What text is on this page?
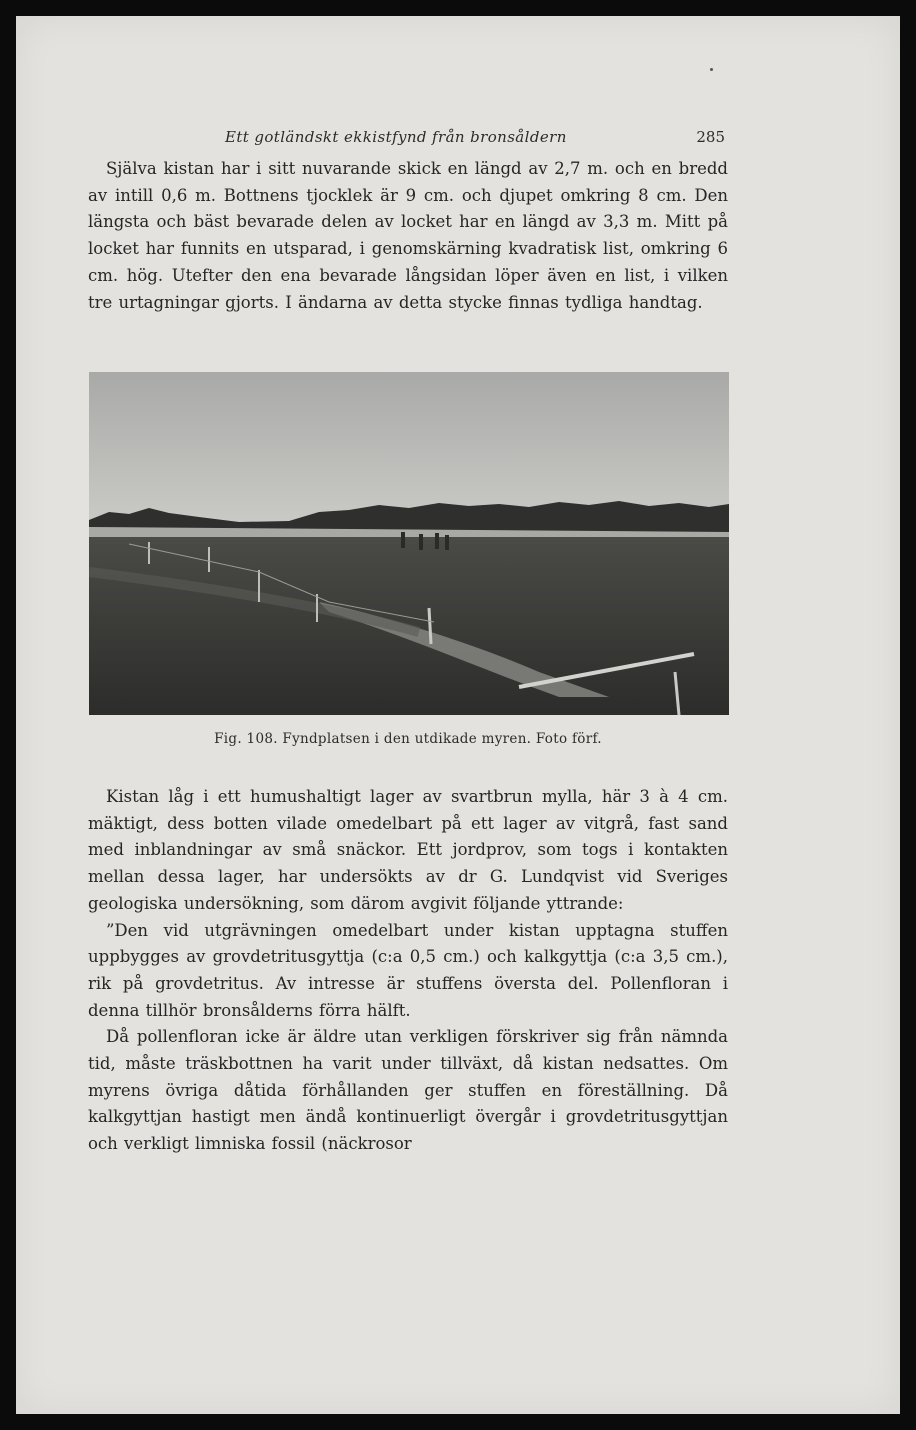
Ett gotländskt ekkistfynd från bronsåldern	285

Själva kistan har i sitt nuvarande skick en längd av 2,7 m. och en bredd av intill 0,6 m. Bottnens tjocklek är 9 cm. och djupet omkring 8 cm. Den längsta och bäst bevarade delen av locket har en längd av 3,3 m. Mitt på locket har funnits en utsparad, i genomskärning kvadratisk list, omkring 6 cm. hög. Utefter den ena bevarade långsidan löper även en list, i vilken tre urtagningar gjorts. I ändarna av detta stycke finnas tydliga handtag.

Fig. 108. Fyndplatsen i den utdikade myren. Foto förf.

Kistan låg i ett humushaltigt lager av svartbrun mylla, här 3 à 4 cm. mäktigt, dess botten vilade omedelbart på ett lager av vitgrå, fast sand med inblandningar av små snäckor. Ett jordprov, som togs i kontakten mellan dessa lager, har undersökts av dr G. Lundqvist vid Sveriges geologiska undersökning, som därom avgivit följande yttrande:

”Den vid utgrävningen omedelbart under kistan upptagna stuffen uppbygges av grovdetritusgyttja (c:a 0,5 cm.) och kalkgyttja (c:a 3,5 cm.), rik på grovdetritus. Av intresse är stuffens översta del. Pollenfloran i denna tillhör bronsålderns förra hälft.

Då pollenfloran icke är äldre utan verkligen förskriver sig från nämnda tid, måste träskbottnen ha varit under tillväxt, då kistan nedsattes. Om myrens övriga dåtida förhållanden ger stuffen en föreställning. Då kalkgyttjan hastigt men ändå kontinuerligt övergår i grovdetritusgyttjan och verkligt limniska fossil (näckrosor
